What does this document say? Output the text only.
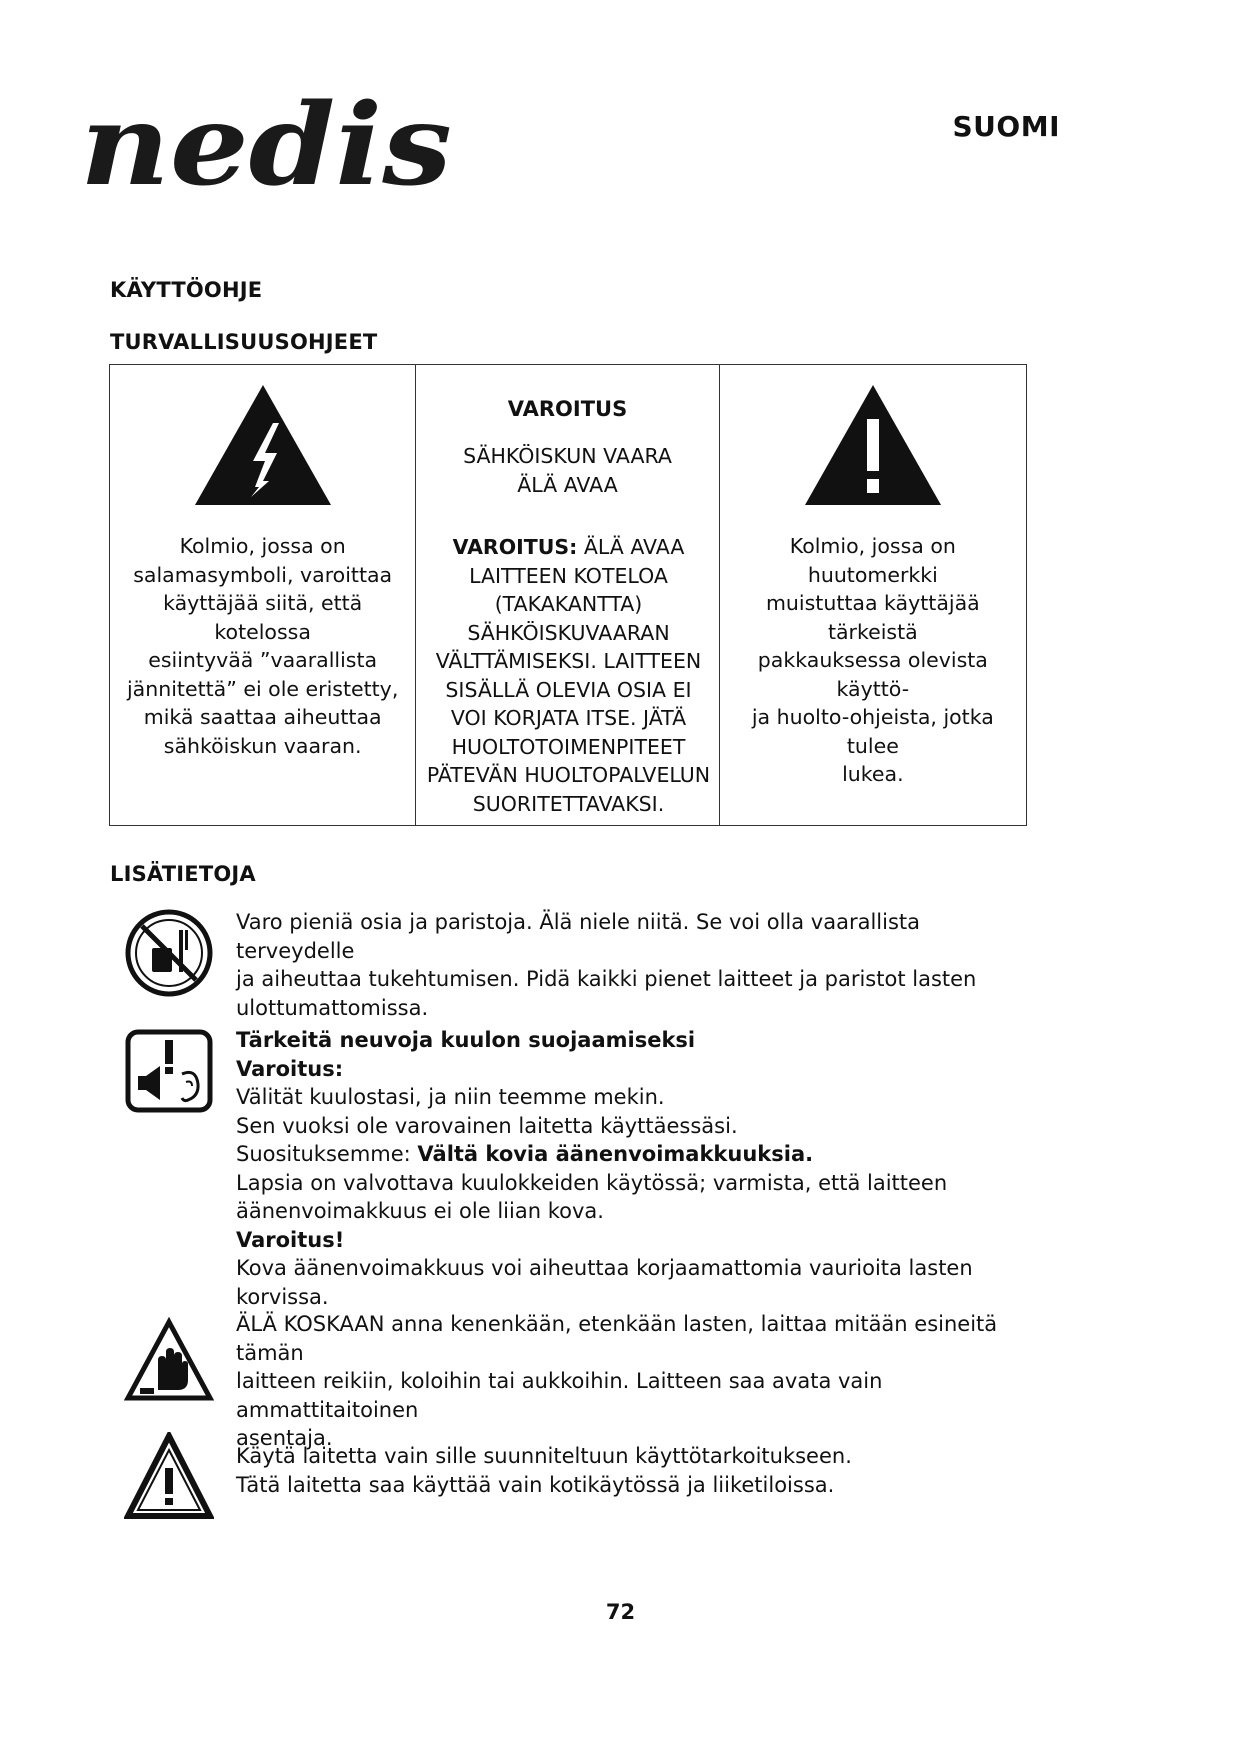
nedis	SUOMI
KÄYTTÖOHJE
TURVALLISUUSOHJEET
Kolmio, jossa on
salamasymboli, varoittaa
käyttäjää siitä, että kotelossa
esiintyvää ”vaarallista
jännitettä” ei ole eristetty,
mikä saattaa aiheuttaa
sähköiskun vaaran.
VAROITUS
SÄHKÖISKUN VAARA
ÄLÄ AVAA
VAROITUS: ÄLÄ AVAA
LAITTEEN KOTELOA
(TAKAKANTTA)
SÄHKÖISKUVAARAN
VÄLTTÄMISEKSI. LAITTEEN
SISÄLLÄ OLEVIA OSIA EI
VOI KORJATA ITSE. JÄTÄ
HUOLTOTOIMENPITEET
PÄTEVÄN HUOLTOPALVELUN
SUORITETTAVAKSI.
Kolmio, jossa on huutomerkki
muistuttaa käyttäjää tärkeistä
pakkauksessa olevista käyttö-
ja huolto-ohjeista, jotka tulee
lukea.
LISÄTIETOJA
Varo pieniä osia ja paristoja. Älä niele niitä. Se voi olla vaarallista terveydelle
ja aiheuttaa tukehtumisen. Pidä kaikki pienet laitteet ja paristot lasten
ulottumattomissa.
Tärkeitä neuvoja kuulon suojaamiseksi
Varoitus:
Välität kuulostasi, ja niin teemme mekin.
Sen vuoksi ole varovainen laitetta käyttäessäsi.
Suosituksemme: Vältä kovia äänenvoimakkuuksia.
Lapsia on valvottava kuulokkeiden käytössä; varmista, että laitteen
äänenvoimakkuus ei ole liian kova.
Varoitus!
Kova äänenvoimakkuus voi aiheuttaa korjaamattomia vaurioita lasten korvissa.
ÄLÄ KOSKAAN anna kenenkään, etenkään lasten, laittaa mitään esineitä tämän
laitteen reikiin, koloihin tai aukkoihin. Laitteen saa avata vain ammattitaitoinen
asentaja.
Käytä laitetta vain sille suunniteltuun käyttötarkoitukseen.
Tätä laitetta saa käyttää vain kotikäytössä ja liiketiloissa.
72
